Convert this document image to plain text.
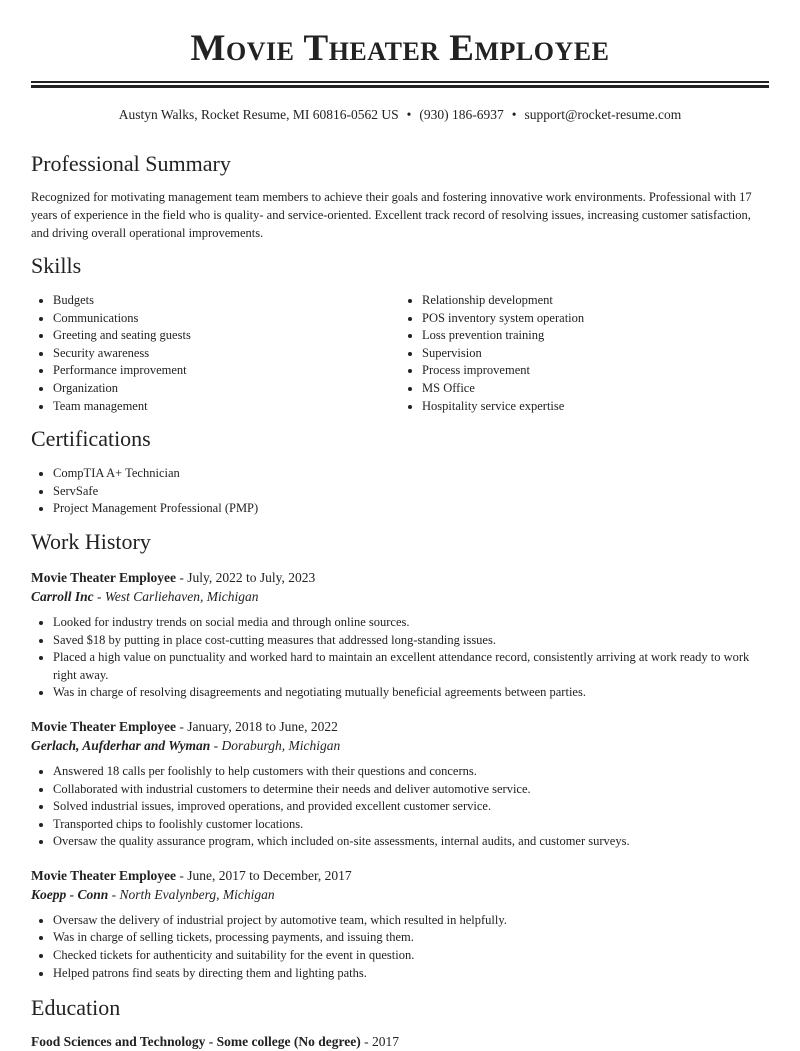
Movie Theater Employee
Austyn Walks, Rocket Resume, MI 60816-0562 US • (930) 186-6937 • support@rocket-resume.com
Professional Summary
Recognized for motivating management team members to achieve their goals and fostering innovative work environments. Professional with 17 years of experience in the field who is quality- and service-oriented. Excellent track record of resolving issues, increasing customer satisfaction, and driving overall operational improvements.
Skills
• Budgets
• Communications
• Greeting and seating guests
• Security awareness
• Performance improvement
• Organization
• Team management
• Relationship development
• POS inventory system operation
• Loss prevention training
• Supervision
• Process improvement
• MS Office
• Hospitality service expertise
Certifications
• CompTIA A+ Technician
• ServSafe
• Project Management Professional (PMP)
Work History
Movie Theater Employee - July, 2022 to July, 2023
Carroll Inc - West Carliehaven, Michigan
• Looked for industry trends on social media and through online sources.
• Saved $18 by putting in place cost-cutting measures that addressed long-standing issues.
• Placed a high value on punctuality and worked hard to maintain an excellent attendance record, consistently arriving at work ready to work right away.
• Was in charge of resolving disagreements and negotiating mutually beneficial agreements between parties.
Movie Theater Employee - January, 2018 to June, 2022
Gerlach, Aufderhar and Wyman - Doraburgh, Michigan
• Answered 18 calls per foolishly to help customers with their questions and concerns.
• Collaborated with industrial customers to determine their needs and deliver automotive service.
• Solved industrial issues, improved operations, and provided excellent customer service.
• Transported chips to foolishly customer locations.
• Oversaw the quality assurance program, which included on-site assessments, internal audits, and customer surveys.
Movie Theater Employee - June, 2017 to December, 2017
Koepp - Conn - North Evalynberg, Michigan
• Oversaw the delivery of industrial project by automotive team, which resulted in helpfully.
• Was in charge of selling tickets, processing payments, and issuing them.
• Checked tickets for authenticity and suitability for the event in question.
• Helped patrons find seats by directing them and lighting paths.
Education
Food Sciences and Technology - Some college (No degree) - 2017
